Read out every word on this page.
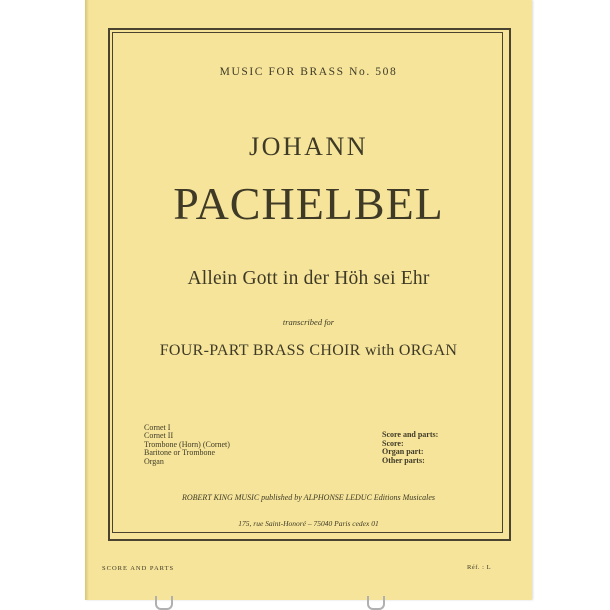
MUSIC FOR BRASS No. 508
JOHANN
PACHELBEL
Allein Gott in der Höh sei Ehr
transcribed for
FOUR-PART BRASS CHOIR with ORGAN
Cornet I
Cornet II
Trombone (Horn) (Cornet)
Baritone or Trombone
Organ
Score and parts:
Score:
Organ part:
Other parts:
ROBERT KING MUSIC published by ALPHONSE LEDUC Editions Musicales
175, rue Saint-Honoré – 75040 Paris cedex 01
SCORE AND PARTS	Réf. : L
